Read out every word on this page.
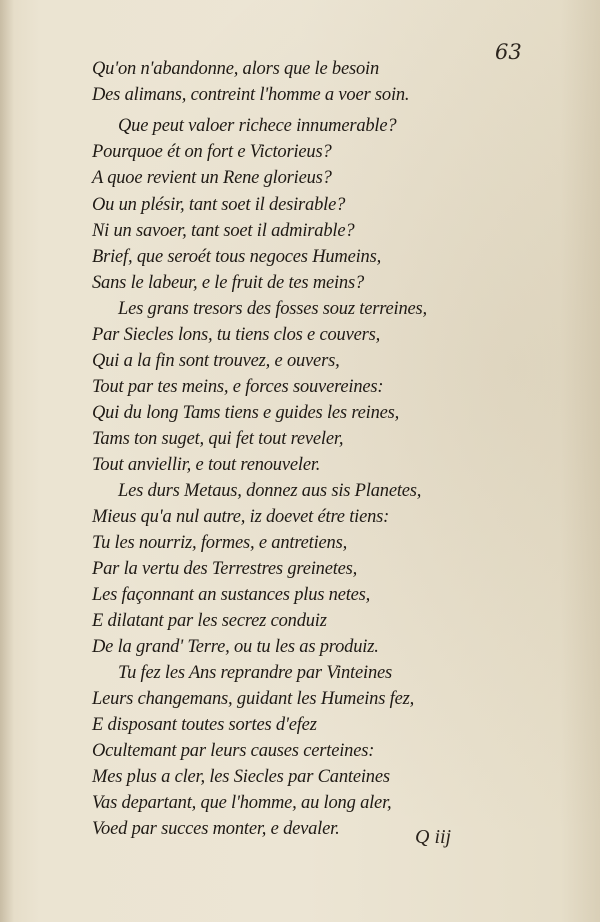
63
Qu'on n'abandonne, alors que le besoin
Des alimans, contreint l'homme a voer soin.
Que peut valoer richece innumerable?
Pourquoe ét on fort e Victorieus?
A quoe revient un Rene glorieus?
Ou un plésir, tant soet il desirable?
Ni un savoer, tant soet il admirable?
Brief, que seroét tous negoces Humeins,
Sans le labeur, e le fruit de tes meins?
Les grans tresors des fosses souz terreines,
Par Siecles lons, tu tiens clos e couvers,
Qui a la fin sont trouvez, e ouvers,
Tout par tes meins, e forces souvereines:
Qui du long Tams tiens e guides les reines,
Tams ton suget, qui fet tout reveler,
Tout anviellir, e tout renouveler.
Les durs Metaus, donnez aus sis Planetes,
Mieus qu'a nul autre, iz doevet étre tiens:
Tu les nourriz, formes, e antretiens,
Par la vertu des Terrestres greinetes,
Les façonnant an sustances plus netes,
E dilatant par les secrez conduiz
De la grand' Terre, ou tu les as produiz.
Tu fez les Ans reprandre par Vinteines
Leurs changemans, guidant les Humeins fez,
E disposant toutes sortes d'efez
Ocultemant par leurs causes certeines:
Mes plus a cler, les Siecles par Canteines
Vas departant, que l'homme, au long aler,
Voed par succes monter, e devaler.	Q iij
